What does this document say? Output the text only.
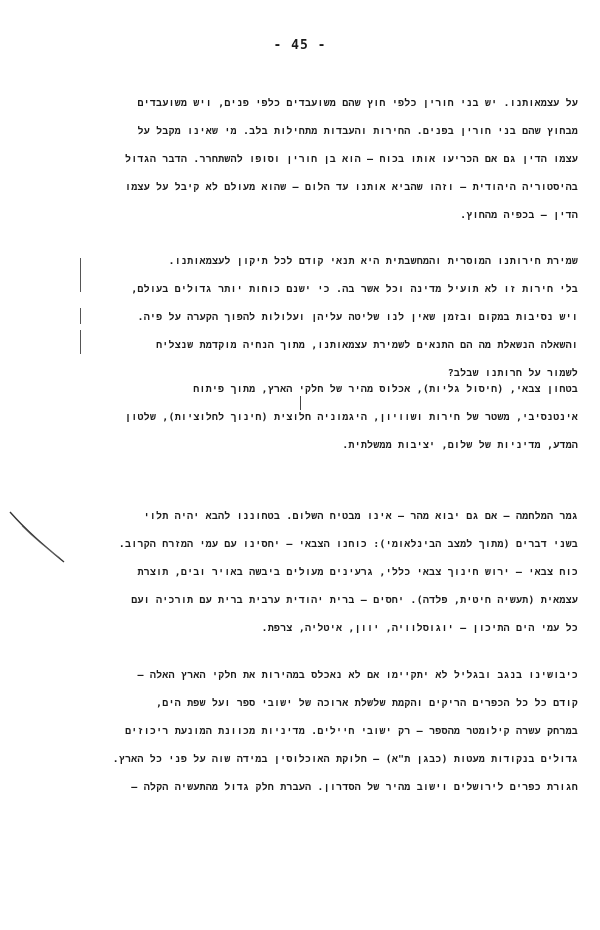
- 45 -
על עצמאותנו. יש בני חורין כלפי חוץ שהם משועבדים כלפי פנים, ויש משועבדים
מבחוץ שהם בני חורין בפנים. החירות והעבדות מתחילות בלב. מי שאינו מקבל על
עצמו הדין גם אם הכריעו אותו בכוח – הוא בן חורין וסופו להשתחרר. הדבר הגדול
בהיסטוריה היהודית – וזהו שהביא אותנו עד הלום – שהוא מעולם לא קיבל על עצמו
הדין – בכפיה מהחוץ.
שמירת חירותנו המוסרית והמחשבתית היא תנאי קודם לכל תיקון לעצמאותנו.
בלי חירות זו לא תועיל מדינה וכל אשר בה. כי ישנם כוחות יותר גדולים בעולם,
ויש נסיבות במקום ובזמן שאין לנו שליטה עליהן ועלולות להפוך הקערה על פיה.
והשאלה הנשאלת מה הם התנאים לשמירת עצמאותנו, מתוך הנחיה מוקדמת שנצליח
לשמור על חרותנו שבלב?
בטחון צבאי, (חיסול גליות), אכלוס מהיר של חלקי הארץ, מתוך פיתוח
אינטנסיבי, משטר של חירות ושוויון, היגמוניה חלוצית (חינוך לחלוציות), שלטון
המדע, מדיניות של שלום, יציבות ממשלתית.
גמר המלחמה – אם גם יבוא מהר – אינו מבטיח השלום. בטחוננו להבא יהיה תלוי
בשני דברים (מתוך למצב הבינלאומי): כוחנו הצבאי – יחסינו עם עמי המזרח הקרוב.
כוח צבאי – ירוש חינוך צבאי כללי, גרעינים מעולים ביבשה באויר ובים, תוצרת
עצמאית (תעשיה חיטית, פלדה). יחסים – ברית יהודית ערבית ברית עם תורכיה ועם
כל עמי הים התיכון – יוגוסלוויה, יוון, איטליה, צרפת.
כיבושינו בנגב ובגליל לא יתקיימו אם לא נאכלס במהירות את חלקי הארץ האלה –
קודם כל כל הכפרים הריקים והקמת שלשלת ארוכה של ישובי ספר ועל שפת הים,
במרחק עשרה קילומטר מהספר – רק ישובי חיילים. מדיניות מכוונת המונעת ריכוזים
גדולים בנקודות מעטות (כבגן ת"א) – חלוקת האוכלוסין במידה שוה על פני כל הארץ.
חגורת כפרים לירושלים וישוב מהיר של הסדרון. העברת חלק גדול מהתעשיה הקלה –
